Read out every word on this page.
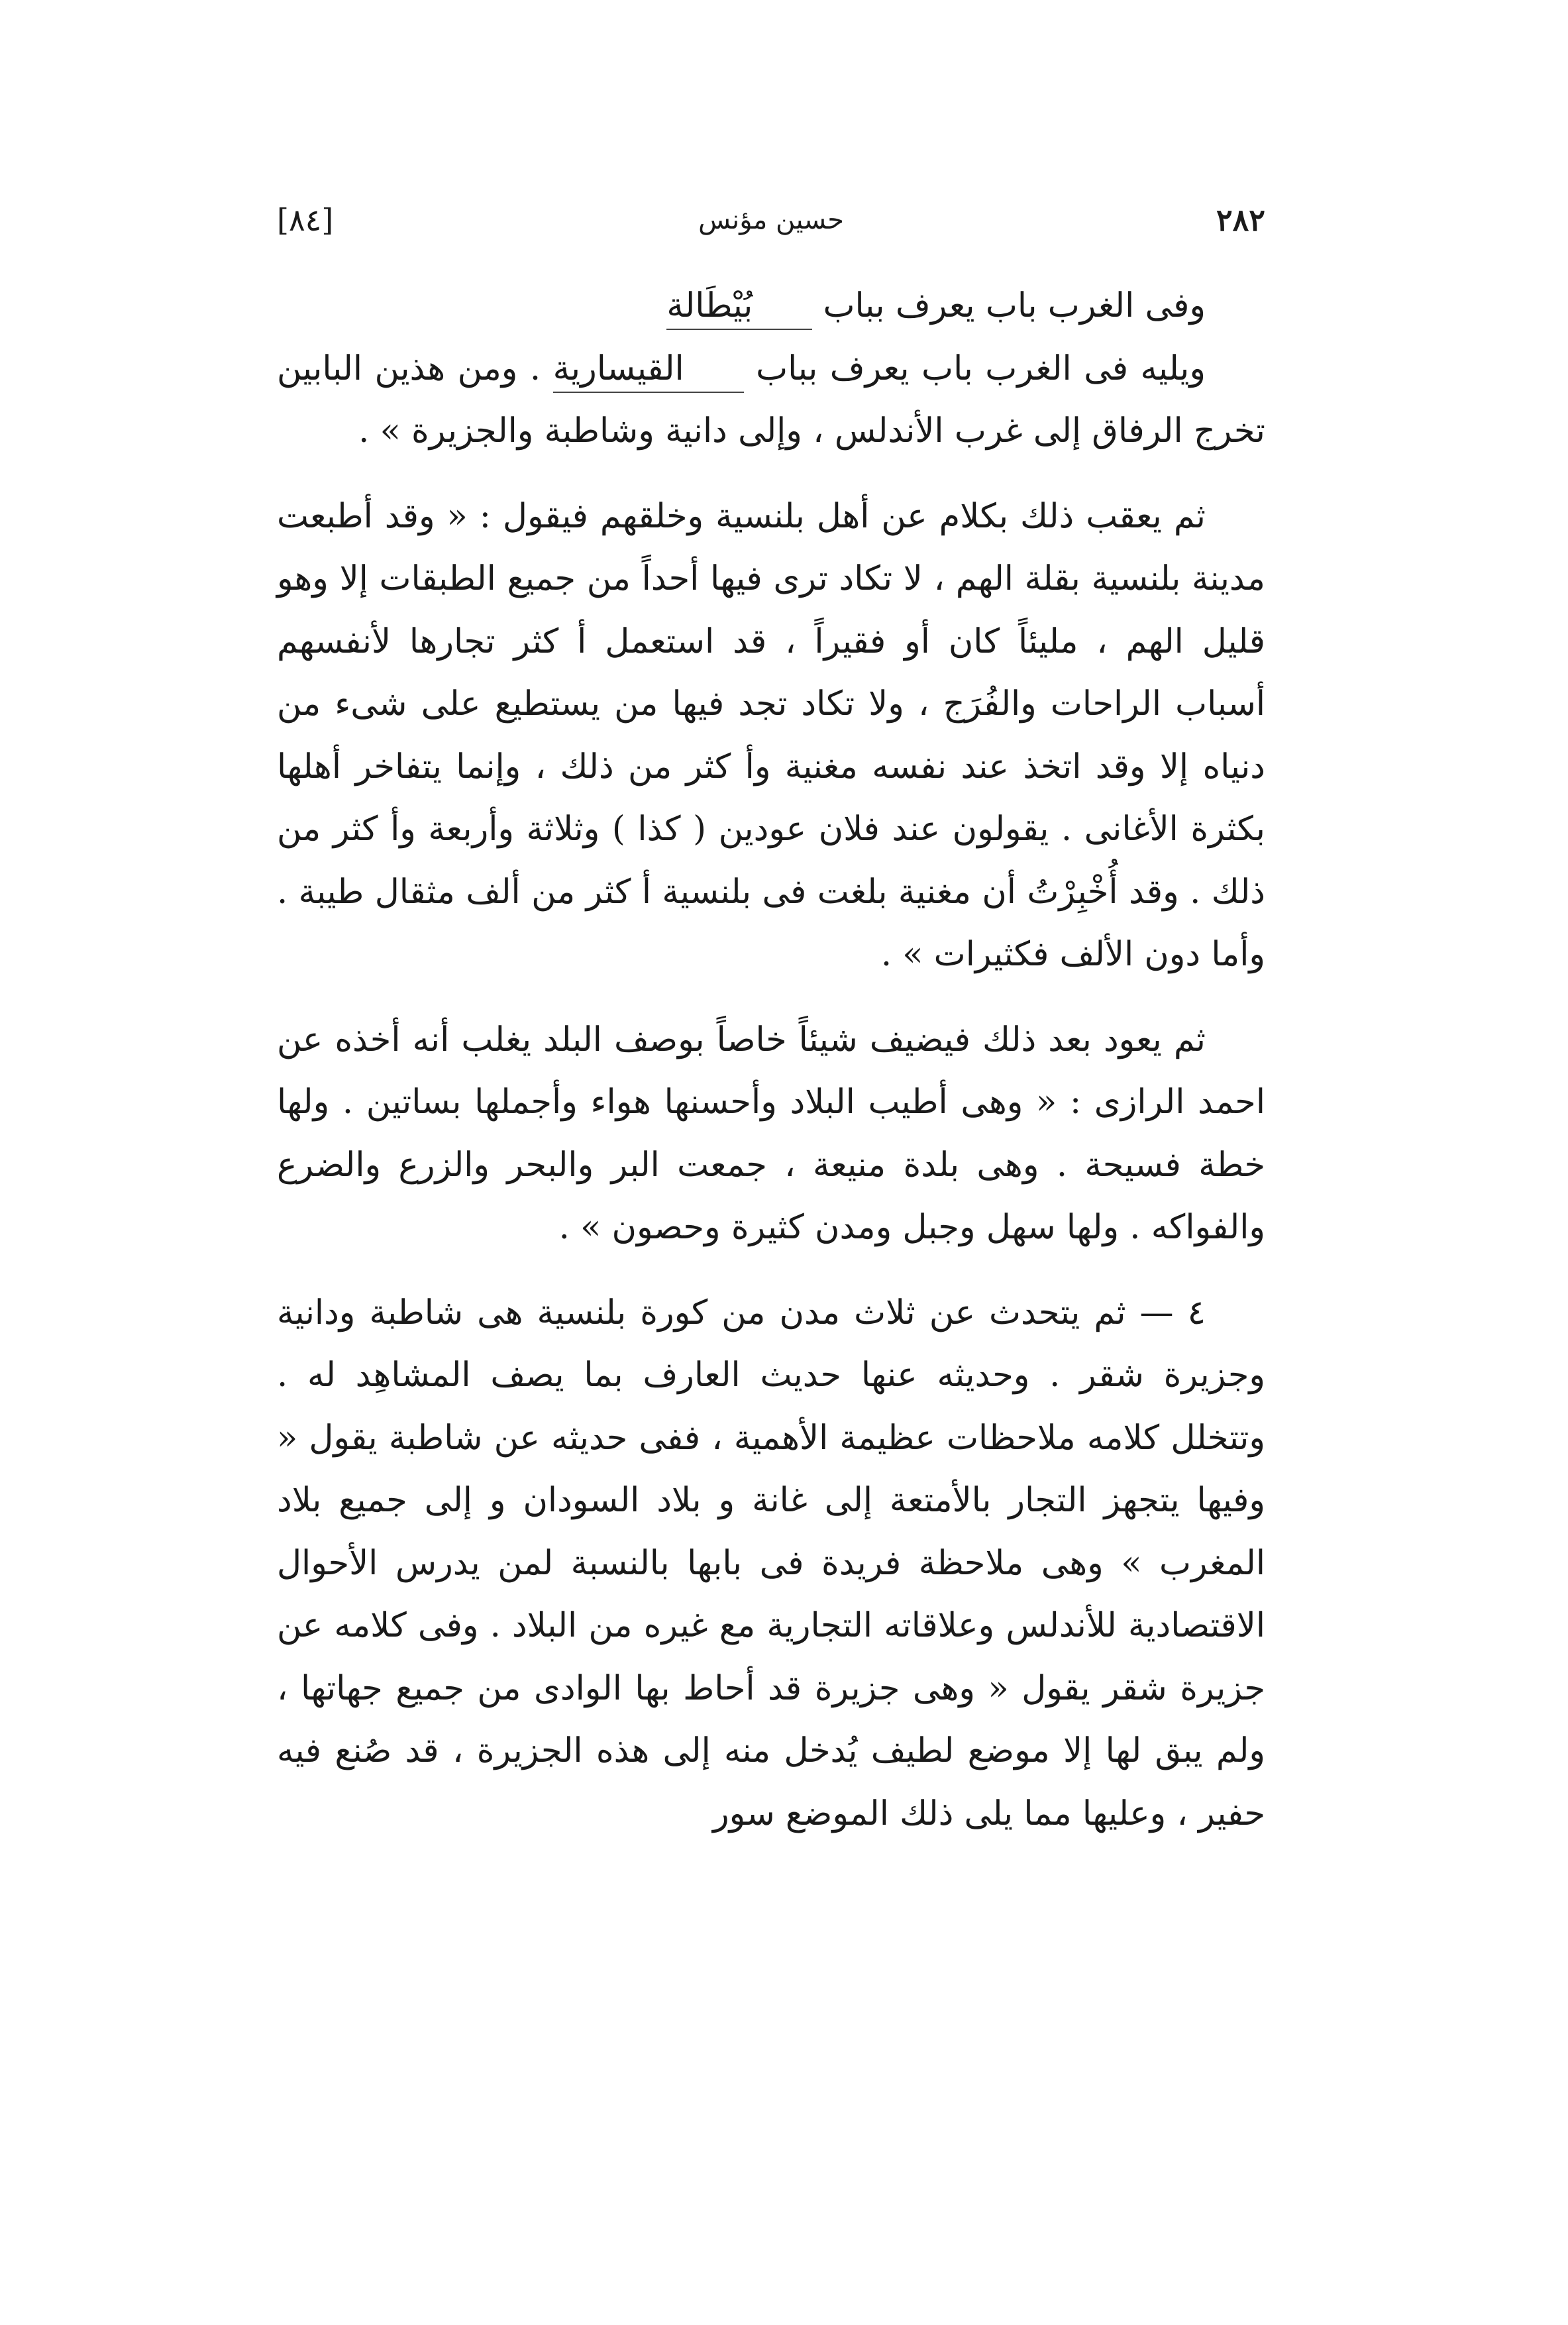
٢٨٢
حسين مؤنس
[٨٤]

وفى الغرب باب يعرف بباب بُيْطَالة

ويليه فى الغرب باب يعرف بباب القيسارية . ومن هذين البابين تخرج الرفاق إلى غرب الأندلس ، وإلى دانية وشاطبة والجزيرة » .

ثم يعقب ذلك بكلام عن أهل بلنسية وخلقهم فيقول : « وقد أطبعت مدينة بلنسية بقلة الهم ، لا تكاد ترى فيها أحداً من جميع الطبقات إلا وهو قليل الهم ، مليئاً كان أو فقيراً ، قد استعمل أ كثر تجارها لأنفسهم أسباب الراحات والفُرَج ، ولا تكاد تجد فيها من يستطيع على شىء من دنياه إلا وقد اتخذ عند نفسه مغنية وأ كثر من ذلك ، وإنما يتفاخر أهلها بكثرة الأغانى . يقولون عند فلان عودين ( كذا ) وثلاثة وأربعة وأ كثر من ذلك . وقد أُخْبِرْتُ أن مغنية بلغت فى بلنسية أ كثر من ألف مثقال طيبة . وأما دون الألف فكثيرات » .

ثم يعود بعد ذلك فيضيف شيئاً خاصاً بوصف البلد يغلب أنه أخذه عن احمد الرازى : « وهى أطيب البلاد وأحسنها هواء وأجملها بساتين . ولها خطة فسيحة . وهى بلدة منيعة ، جمعت البر والبحر والزرع والضرع والفواكه . ولها سهل وجبل ومدن كثيرة وحصون » .

٤ — ثم يتحدث عن ثلاث مدن من كورة بلنسية هى شاطبة ودانية وجزيرة شقر . وحديثه عنها حديث العارف بما يصف المشاهِد له . وتتخلل كلامه ملاحظات عظيمة الأهمية ، ففى حديثه عن شاطبة يقول « وفيها يتجهز التجار بالأمتعة إلى غانة و بلاد السودان و إلى جميع بلاد المغرب » وهى ملاحظة فريدة فى بابها بالنسبة لمن يدرس الأحوال الاقتصادية للأندلس وعلاقاته التجارية مع غيره من البلاد . وفى كلامه عن جزيرة شقر يقول « وهى جزيرة قد أحاط بها الوادى من جميع جهاتها ، ولم يبق لها إلا موضع لطيف يُدخل منه إلى هذه الجزيرة ، قد صُنع فيه حفير ، وعليها مما يلى ذلك الموضع سور
